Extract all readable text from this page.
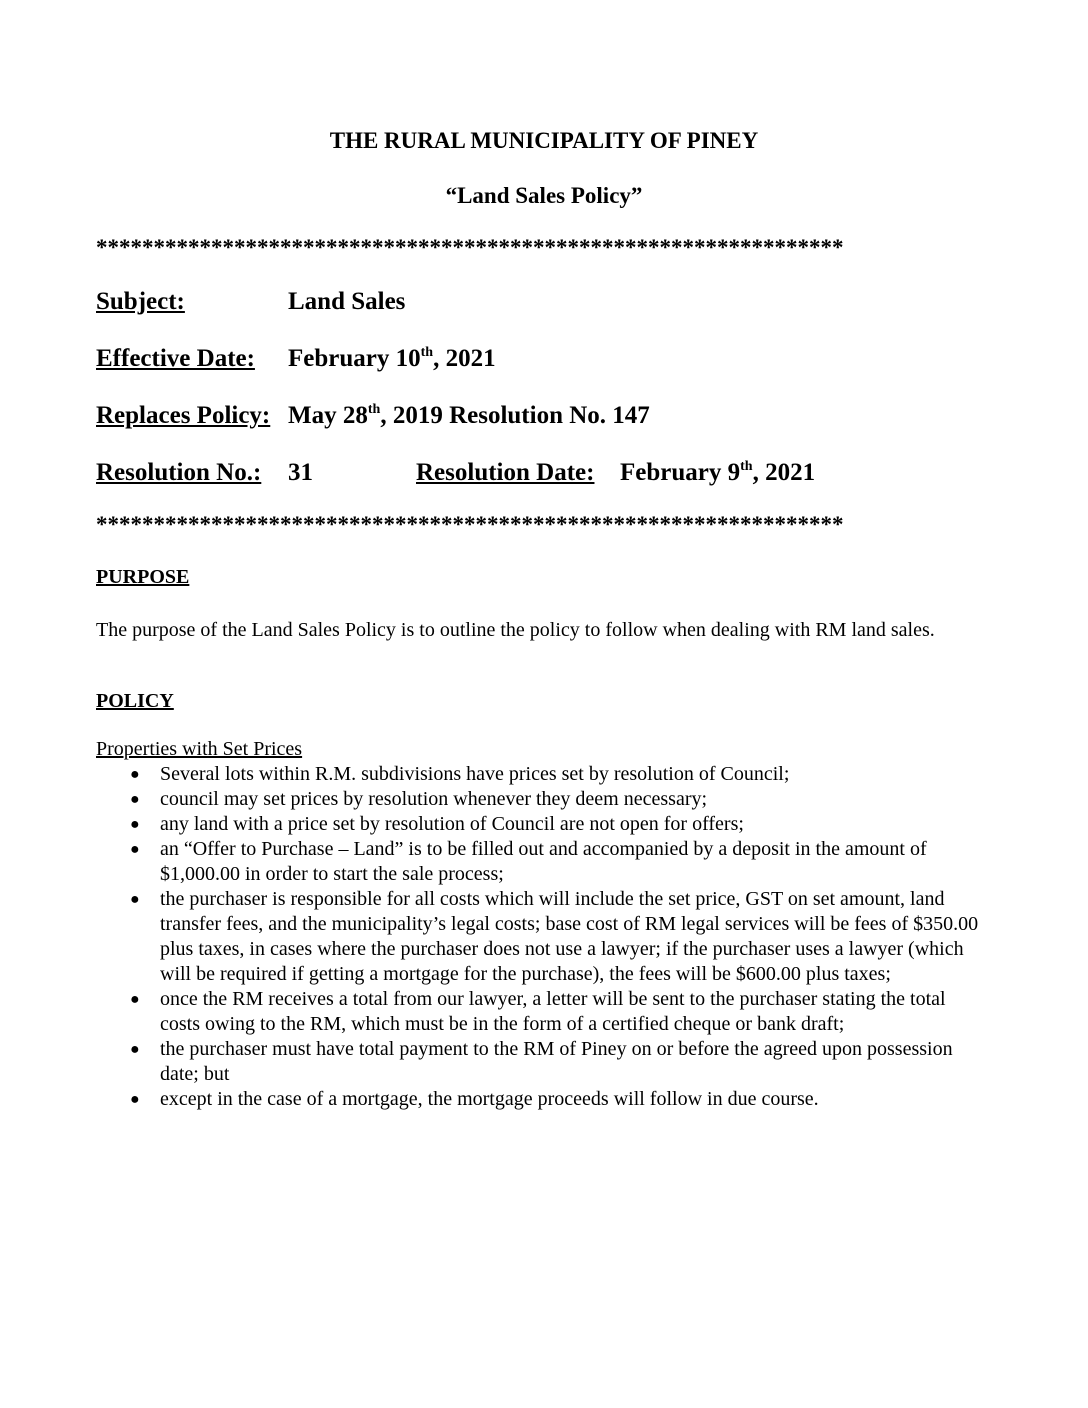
THE RURAL MUNICIPALITY OF PINEY
“Land Sales Policy”
*****************************************************************
Subject:	Land Sales
Effective Date: February 10th, 2021
Replaces Policy: May 28th, 2019 Resolution No. 147
Resolution No.: 31	Resolution Date: February 9th, 2021
*****************************************************************
PURPOSE
The purpose of the Land Sales Policy is to outline the policy to follow when dealing with RM land sales.
POLICY
Properties with Set Prices
● Several lots within R.M. subdivisions have prices set by resolution of Council;
● council may set prices by resolution whenever they deem necessary;
● any land with a price set by resolution of Council are not open for offers;
● an “Offer to Purchase – Land” is to be filled out and accompanied by a deposit in the amount of $1,000.00 in order to start the sale process;
● the purchaser is responsible for all costs which will include the set price, GST on set amount, land transfer fees, and the municipality’s legal costs; base cost of RM legal services will be fees of $350.00 plus taxes, in cases where the purchaser does not use a lawyer; if the purchaser uses a lawyer (which will be required if getting a mortgage for the purchase), the fees will be $600.00 plus taxes;
● once the RM receives a total from our lawyer, a letter will be sent to the purchaser stating the total costs owing to the RM, which must be in the form of a certified cheque or bank draft;
● the purchaser must have total payment to the RM of Piney on or before the agreed upon possession date; but
● except in the case of a mortgage, the mortgage proceeds will follow in due course.
